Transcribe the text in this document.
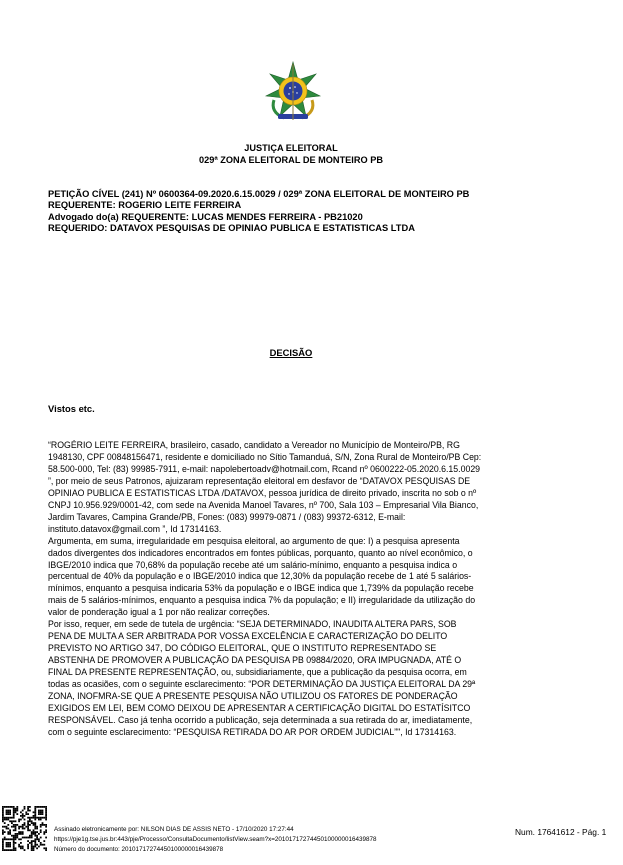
JUSTIÇA ELEITORAL
029ª ZONA ELEITORAL DE MONTEIRO PB
PETIÇÃO CÍVEL (241) Nº 0600364-09.2020.6.15.0029 / 029ª ZONA ELEITORAL DE MONTEIRO PB
REQUERENTE: ROGERIO LEITE FERREIRA
Advogado do(a) REQUERENTE: LUCAS MENDES FERREIRA - PB21020
REQUERIDO: DATAVOX PESQUISAS DE OPINIAO PUBLICA E ESTATISTICAS LTDA
DECISÃO
Vistos etc.
“ROGÉRIO LEITE FERREIRA, brasileiro, casado, candidato a Vereador no Município de Monteiro/PB, RG
1948130, CPF 00848156471, residente e domiciliado no Sítio Tamanduá, S/N, Zona Rural de Monteiro/PB Cep:
58.500-000, Tel: (83) 99985-7911, e-mail: napolebertoadv@hotmail.com, Rcand nº 0600222-05.2020.6.15.0029
”, por meio de seus Patronos, ajuizaram representação eleitoral em desfavor de “DATAVOX PESQUISAS DE
OPINIAO PUBLICA E ESTATISTICAS LTDA /DATAVOX, pessoa jurídica de direito privado, inscrita no sob o nº
CNPJ 10.956.929/0001-42, com sede na Avenida Manoel Tavares, nº 700, Sala 103 – Empresarial Vila Bianco,
Jardim Tavares, Campina Grande/PB, Fones: (083) 99979-0871 / (083) 99372-6312, E-mail:
instituto.datavox@gmail.com ”, Id 17314163.
Argumenta, em suma, irregularidade em pesquisa eleitoral, ao argumento de que: I) a pesquisa apresenta
dados divergentes dos indicadores encontrados em fontes públicas, porquanto, quanto ao nível econômico, o
IBGE/2010 indica que 70,68% da população recebe até um salário-mínimo, enquanto a pesquisa indica o
percentual de 40% da população e o IBGE/2010 indica que 12,30% da população recebe de 1 até 5 salários-
mínimos, enquanto a pesquisa indicaria 53% da população e o IBGE indica que 1,739% da população recebe
mais de 5 salários-mínimos, enquanto a pesquisa indica 7% da população; e II) irregularidade da utilização do
valor de ponderação igual a 1 por não realizar correções.
Por isso, requer, em sede de tutela de urgência: “SEJA DETERMINADO, INAUDITA ALTERA PARS, SOB
PENA DE MULTA A SER ARBITRADA POR VOSSA EXCELÊNCIA E CARACTERIZAÇÃO DO DELITO
PREVISTO NO ARTIGO 347, DO CÓDIGO ELEITORAL, QUE O INSTITUTO REPRESENTADO SE
ABSTENHA DE PROMOVER A PUBLICAÇÃO DA PESQUISA PB 09884/2020, ORA IMPUGNADA, ATÉ O
FINAL DA PRESENTE REPRESENTAÇÃO, ou, subsidiariamente, que a publicação da pesquisa ocorra, em
todas as ocasiões, com o seguinte esclarecimento: “POR DETERMINAÇÃO DA JUSTIÇA ELEITORAL DA 29ª
ZONA, INOFMRA-SE QUE A PRESENTE PESQUISA NÃO UTILIZOU OS FATORES DE PONDERAÇÃO
EXIGIDOS EM LEI, BEM COMO DEIXOU DE APRESENTAR A CERTIFICAÇÃO DIGITAL DO ESTATÍSITCO
RESPONSÁVEL. Caso já tenha ocorrido a publicação, seja determinada a sua retirada do ar, imediatamente,
com o seguinte esclarecimento: “PESQUISA RETIRADA DO AR POR ORDEM JUDICIAL”", Id 17314163.
Assinado eletronicamente por: NILSON DIAS DE ASSIS NETO - 17/10/2020 17:27:44
https://pje1g.tse.jus.br:443/pje/Processo/ConsultaDocumento/listView.seam?x=20101717274450100000016439878
Número do documento: 20101717274450100000016439878
Num. 17641612 - Pág. 1
